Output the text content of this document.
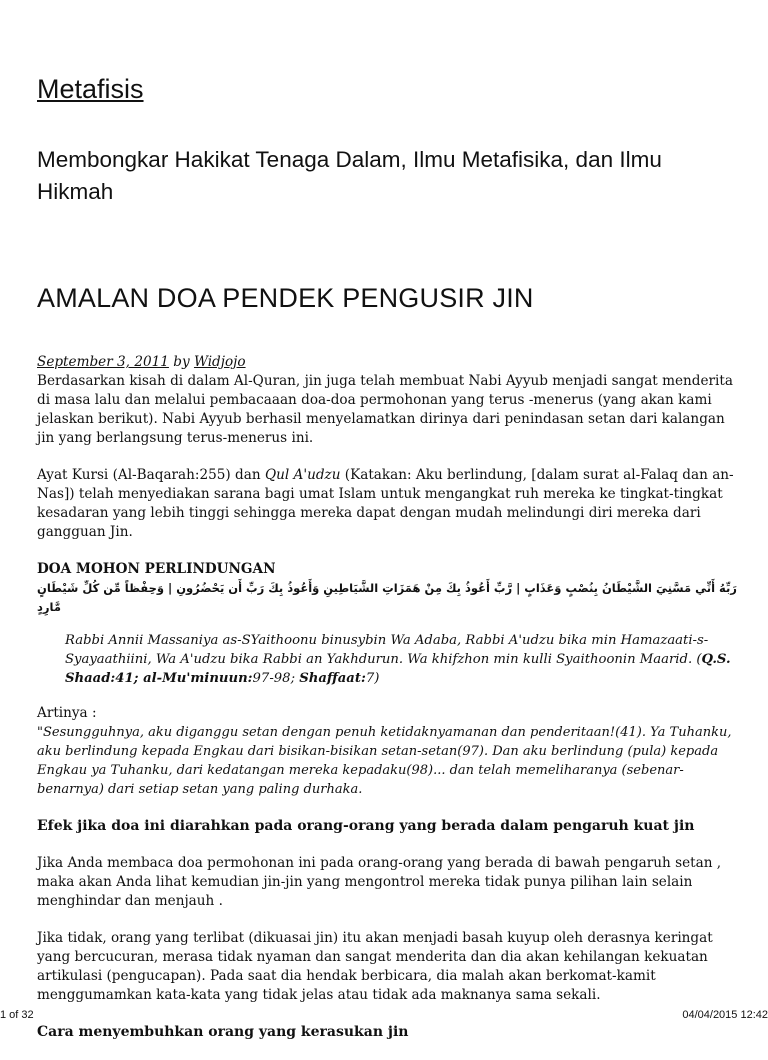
Metafisis
Membongkar Hakikat Tenaga Dalam, Ilmu Metafisika, dan Ilmu Hikmah
AMALAN DOA PENDEK PENGUSIR JIN
September 3, 2011 by Widjojo

Berdasarkan kisah di dalam Al-Quran, jin juga telah membuat Nabi Ayyub menjadi sangat menderita di masa lalu dan melalui pembacaaan doa-doa permohonan yang terus -menerus (yang akan kami jelaskan berikut). Nabi Ayyub berhasil menyelamatkan dirinya dari penindasan setan dari kalangan jin yang berlangsung terus-menerus ini.

Ayat Kursi (Al-Baqarah:255) dan Qul A'udzu (Katakan: Aku berlindung, [dalam surat al-Falaq dan an-Nas]) telah menyediakan sarana bagi umat Islam untuk mengangkat ruh mereka ke tingkat-tingkat kesadaran yang lebih tinggi sehingga mereka dapat dengan mudah melindungi diri mereka dari gangguan Jin.

DOA MOHON PERLINDUNGAN

رَبِّهُ أَنِّي مَسَّنِيَ الشَّيْطَانُ بِنُصْبٍ وَعَذَابٍ | رَّبِّ أَعُوذُ بِكَ مِنْ هَمَزَاتِ الشَّيَاطِينِ وَأَعُوذُ بِكَ رَبِّ أَن يَحْضُرُونِ | وَحِفْظاً مِّن كُلِّ شَيْطَانٍ مَّارِدٍ

Rabbi Annii Massaniya as-SYaithoonu binusybin Wa Adaba, Rabbi A'udzu bika min Hamazaati-s-Syayaathiini, Wa A'udzu bika Rabbi an Yakhdurun. Wa khifzhon min kulli Syaithoonin Maarid. (Q.S. Shaad:41; al-Mu'minuun:97-98; Shaffaat:7)

Artinya :

"Sesungguhnya, aku diganggu setan dengan penuh ketidaknyamanan dan penderitaan!(41). Ya Tuhanku, aku berlindung kepada Engkau dari bisikan-bisikan setan-setan(97). Dan aku berlindung (pula) kepada Engkau ya Tuhanku, dari kedatangan mereka kepadaku(98)... dan telah memeliharanya (sebenar-benarnya) dari setiap setan yang paling durhaka.

Efek jika doa ini diarahkan pada orang-orang yang berada dalam pengaruh kuat jin

Jika Anda membaca doa permohonan ini pada orang-orang yang berada di bawah pengaruh setan , maka akan Anda lihat kemudian jin-jin yang mengontrol mereka tidak punya pilihan lain selain menghindar dan menjauh .

Jika tidak, orang yang terlibat (dikuasai jin) itu akan menjadi basah kuyup oleh derasnya keringat yang bercucuran, merasa tidak nyaman dan sangat menderita dan dia akan kehilangan kekuatan artikulasi (pengucapan). Pada saat dia hendak berbicara, dia malah akan berkomat-kamit menggumamkan kata-kata yang tidak jelas atau tidak ada maknanya sama sekali.

Cara menyembuhkan orang yang kerasukan jin

1 of 32	04/04/2015 12:42
